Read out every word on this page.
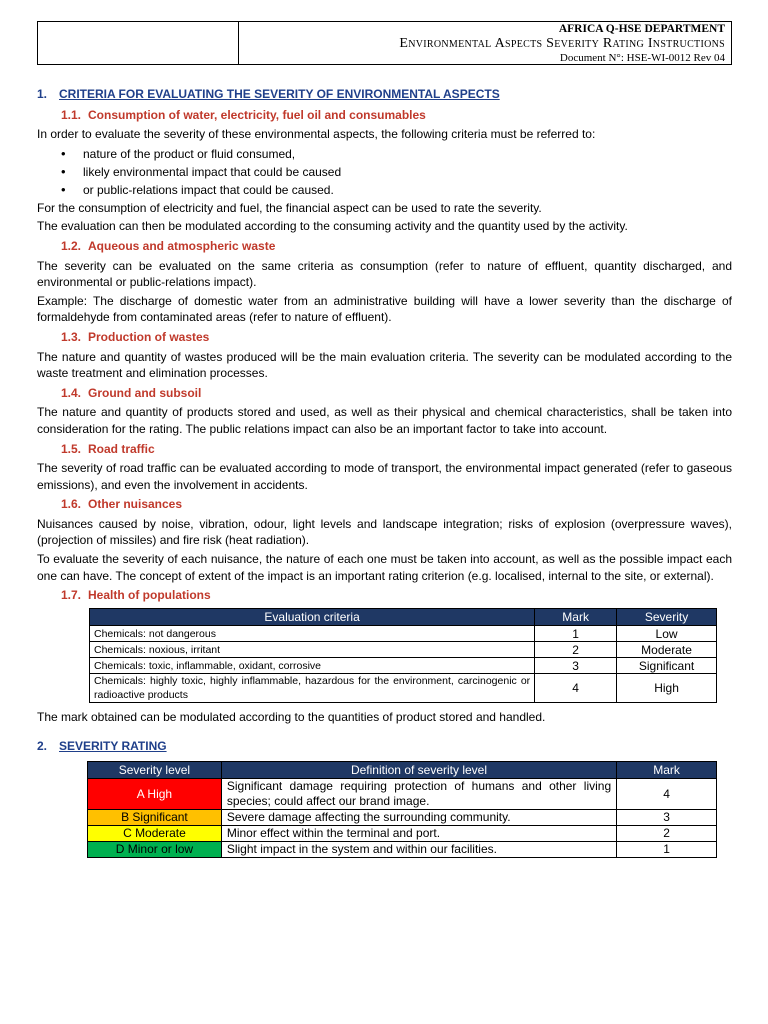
AFRICA Q-HSE DEPARTMENT
Environmental Aspects Severity Rating Instructions
Document N°: HSE-WI-0012 Rev 04
1. CRITERIA FOR EVALUATING THE SEVERITY OF ENVIRONMENTAL ASPECTS
1.1. Consumption of water, electricity, fuel oil and consumables

In order to evaluate the severity of these environmental aspects, the following criteria must be referred to:

• nature of the product or fluid consumed,
• likely environmental impact that could be caused
• or public-relations impact that could be caused.

For the consumption of electricity and fuel, the financial aspect can be used to rate the severity.

The evaluation can then be modulated according to the consuming activity and the quantity used by the activity.

1.2. Aqueous and atmospheric waste

The severity can be evaluated on the same criteria as consumption (refer to nature of effluent, quantity discharged, and environmental or public-relations impact).

Example: The discharge of domestic water from an administrative building will have a lower severity than the discharge of formaldehyde from contaminated areas (refer to nature of effluent).

1.3. Production of wastes

The nature and quantity of wastes produced will be the main evaluation criteria. The severity can be modulated according to the waste treatment and elimination processes.

1.4. Ground and subsoil

The nature and quantity of products stored and used, as well as their physical and chemical characteristics, shall be taken into consideration for the rating. The public relations impact can also be an important factor to take into account.

1.5. Road traffic

The severity of road traffic can be evaluated according to mode of transport, the environmental impact generated (refer to gaseous emissions), and even the involvement in accidents.

1.6. Other nuisances

Nuisances caused by noise, vibration, odour, light levels and landscape integration; risks of explosion (overpressure waves), (projection of missiles) and fire risk (heat radiation).

To evaluate the severity of each nuisance, the nature of each one must be taken into account, as well as the possible impact each one can have. The concept of extent of the impact is an important rating criterion (e.g. localised, internal to the site, or external).

1.7. Health of populations
Evaluation criteria	Mark	Severity
Chemicals: not dangerous	1	Low
Chemicals: noxious, irritant	2	Moderate
Chemicals: toxic, inflammable, oxidant, corrosive	3	Significant
Chemicals: highly toxic, highly inflammable, hazardous for the environment, carcinogenic or radioactive products	4	High

The mark obtained can be modulated according to the quantities of product stored and handled.

2. SEVERITY RATING
Severity level	Definition of severity level	Mark
A High	Significant damage requiring protection of humans and other living species; could affect our brand image.	4
B Significant	Severe damage affecting the surrounding community.	3
C Moderate	Minor effect within the terminal and port.	2
D Minor or low	Slight impact in the system and within our facilities.	1
